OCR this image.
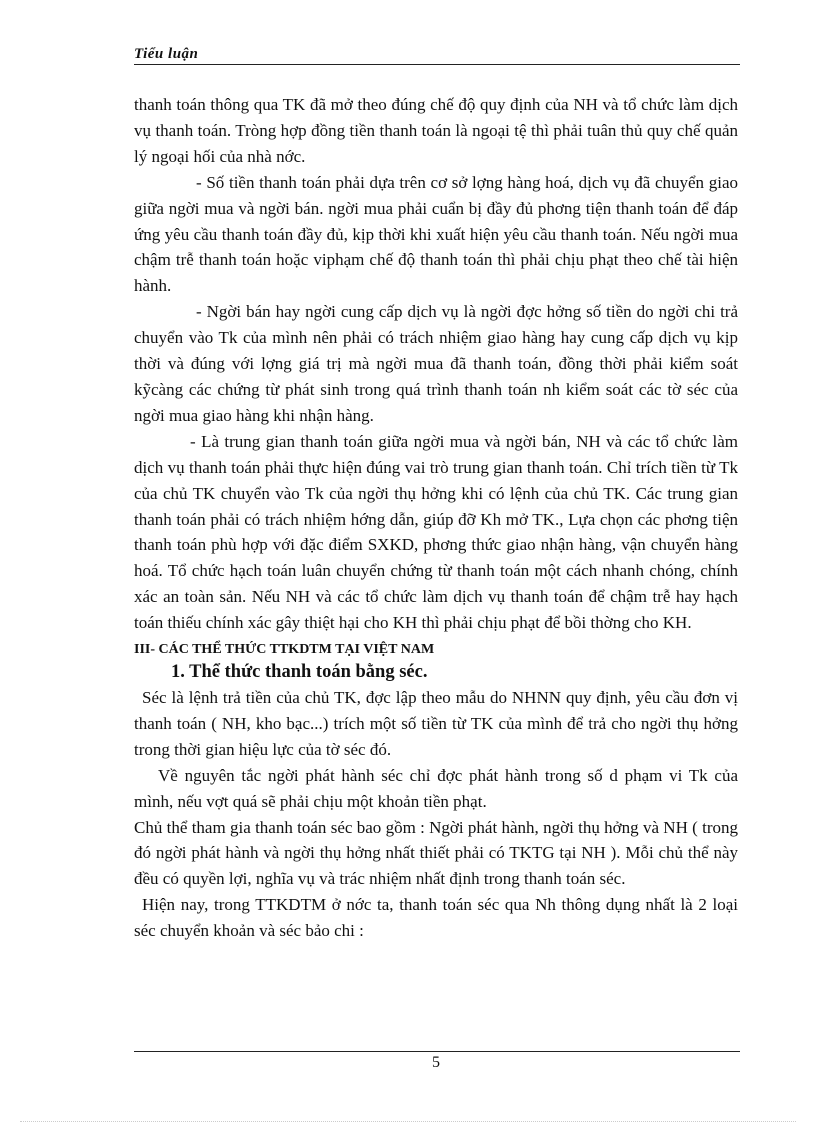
Tiểu luận

thanh toán thông qua TK đã mở theo đúng chế độ quy định của NH và tổ chức làm dịch vụ thanh toán. Tròng hợp đồng tiền thanh toán là ngoại tệ thì phải tuân thủ quy chế quản lý ngoại hối của nhà nớc.

- Số tiền thanh toán phải dựa trên cơ sở lợng hàng hoá, dịch vụ đã chuyển giao giữa ngời mua và ngời bán. ngời mua phải cuẩn bị đầy đủ phơng tiện thanh toán để đáp ứng yêu cầu thanh toán đầy đủ, kịp thời khi xuất hiện yêu cầu thanh toán. Nếu ngời mua chậm trễ thanh toán hoặc viphạm chế độ thanh toán thì phải chịu phạt theo chế tài hiện hành.

- Ngời bán hay ngời cung cấp dịch vụ là ngời đợc hởng số tiền do ngời chi trả chuyển vào Tk của mình nên phải có trách nhiệm giao hàng hay cung cấp dịch vụ kịp thời và đúng với lợng giá trị mà ngời mua đã thanh toán, đồng thời phải kiểm soát kỹcàng các chứng từ phát sinh trong quá trình thanh toán nh kiểm soát các tờ séc của ngời mua giao hàng khi nhận hàng.

- Là trung gian thanh toán giữa ngời mua và ngời bán, NH và các tổ chức làm dịch vụ thanh toán phải thực hiện đúng vai trò trung gian thanh toán. Chỉ trích tiền từ Tk của chủ TK chuyển vào Tk của ngời thụ hởng khi có lệnh của chủ TK. Các trung gian thanh toán phải có trách nhiệm hớng dẫn, giúp đỡ Kh mở TK., Lựa chọn các phơng tiện thanh toán phù hợp với đặc điểm SXKD, phơng thức giao nhận hàng, vận chuyển hàng hoá. Tổ chức hạch toán luân chuyển chứng từ thanh toán một cách nhanh chóng, chính xác an toàn sản. Nếu NH và các tổ chức làm dịch vụ thanh toán để chậm trễ hay hạch toán thiếu chính xác gây thiệt hại cho KH thì phải chịu phạt để bồi thờng cho KH.

III- CÁC THỂ THỨC TTKDTM TẠI VIỆT NAM
1. Thể thức thanh toán bằng séc.

Séc là lệnh trả tiền của chủ TK, đợc lập theo mẫu do NHNN quy định, yêu cầu đơn vị thanh toán ( NH, kho bạc...) trích một số tiền từ TK của mình để trả cho ngời thụ hởng trong thời gian hiệu lực của tờ séc đó.

Về nguyên tắc ngời phát hành séc chỉ đợc phát hành trong số d phạm vi Tk của mình, nếu vợt quá sẽ phải chịu một khoản tiền phạt.

Chủ thể tham gia thanh toán séc bao gồm : Ngời phát hành, ngời thụ hởng và NH ( trong đó ngời phát hành và ngời thụ hởng nhất thiết phải có TKTG tại NH ). Mỗi chủ thể này đều có quyền lợi, nghĩa vụ và trác nhiệm nhất định trong thanh toán séc.

Hiện nay, trong TTKDTM ở nớc ta, thanh toán séc qua Nh thông dụng nhất là 2 loại séc chuyển khoản và séc bảo chi :

5
